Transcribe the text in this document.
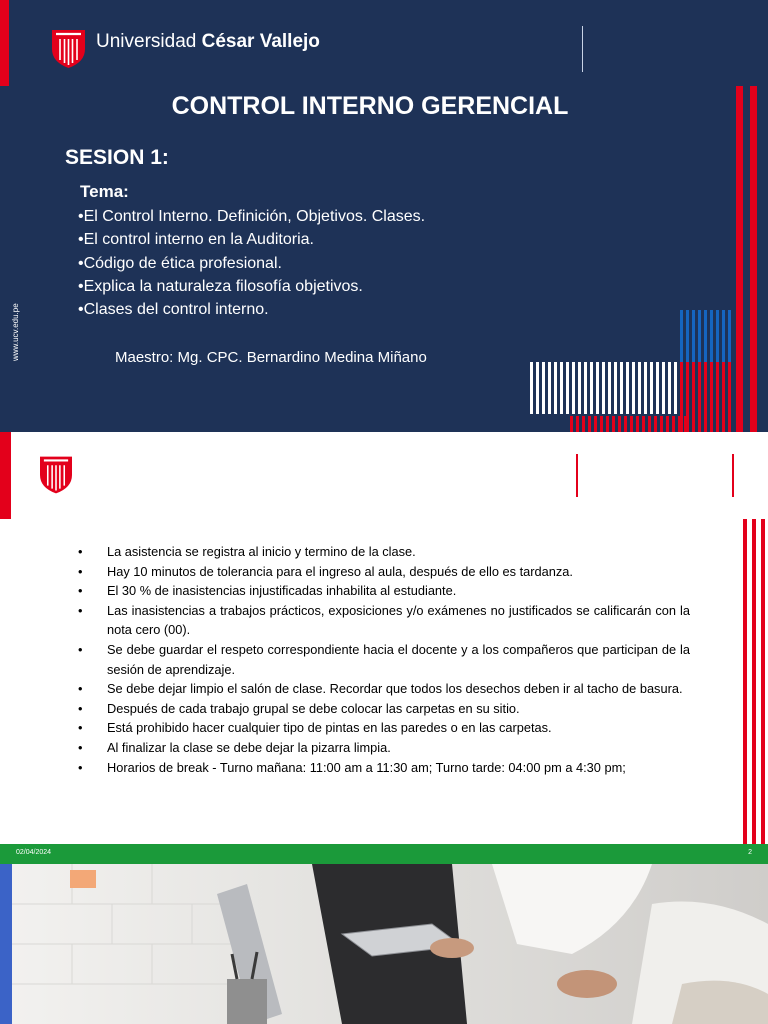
Universidad César Vallejo
CONTROL INTERNO GERENCIAL
SESION 1:
Tema:
•El Control Interno. Definición, Objetivos. Clases.
•El control interno en la Auditoria.
•Código de ética profesional.
•Explica la naturaleza filosofía objetivos.
•Clases del control interno.
Maestro: Mg. CPC. Bernardino Medina Miñano
www.ucv.edu.pe
• La asistencia se registra al inicio y termino de la clase.
• Hay 10 minutos de tolerancia para el ingreso al aula, después de ello es tardanza.
• El 30 % de inasistencias injustificadas inhabilita al estudiante.
• Las inasistencias a trabajos prácticos, exposiciones y/o exámenes no justificados se calificarán con la nota cero (00).
• Se debe guardar el respeto correspondiente hacia el docente y a los compañeros que participan de la sesión de aprendizaje.
• Se debe dejar limpio el salón de clase. Recordar que todos los desechos deben ir al tacho de basura.
• Después de cada trabajo grupal se debe colocar las carpetas en su sitio.
• Está prohibido hacer cualquier tipo de pintas en las paredes o en las carpetas.
• Al finalizar la clase se debe dejar la pizarra limpia.
• Horarios de break - Turno mañana: 11:00 am a 11:30 am; Turno tarde: 04:00 pm a 4:30 pm;
02/04/2024	2
